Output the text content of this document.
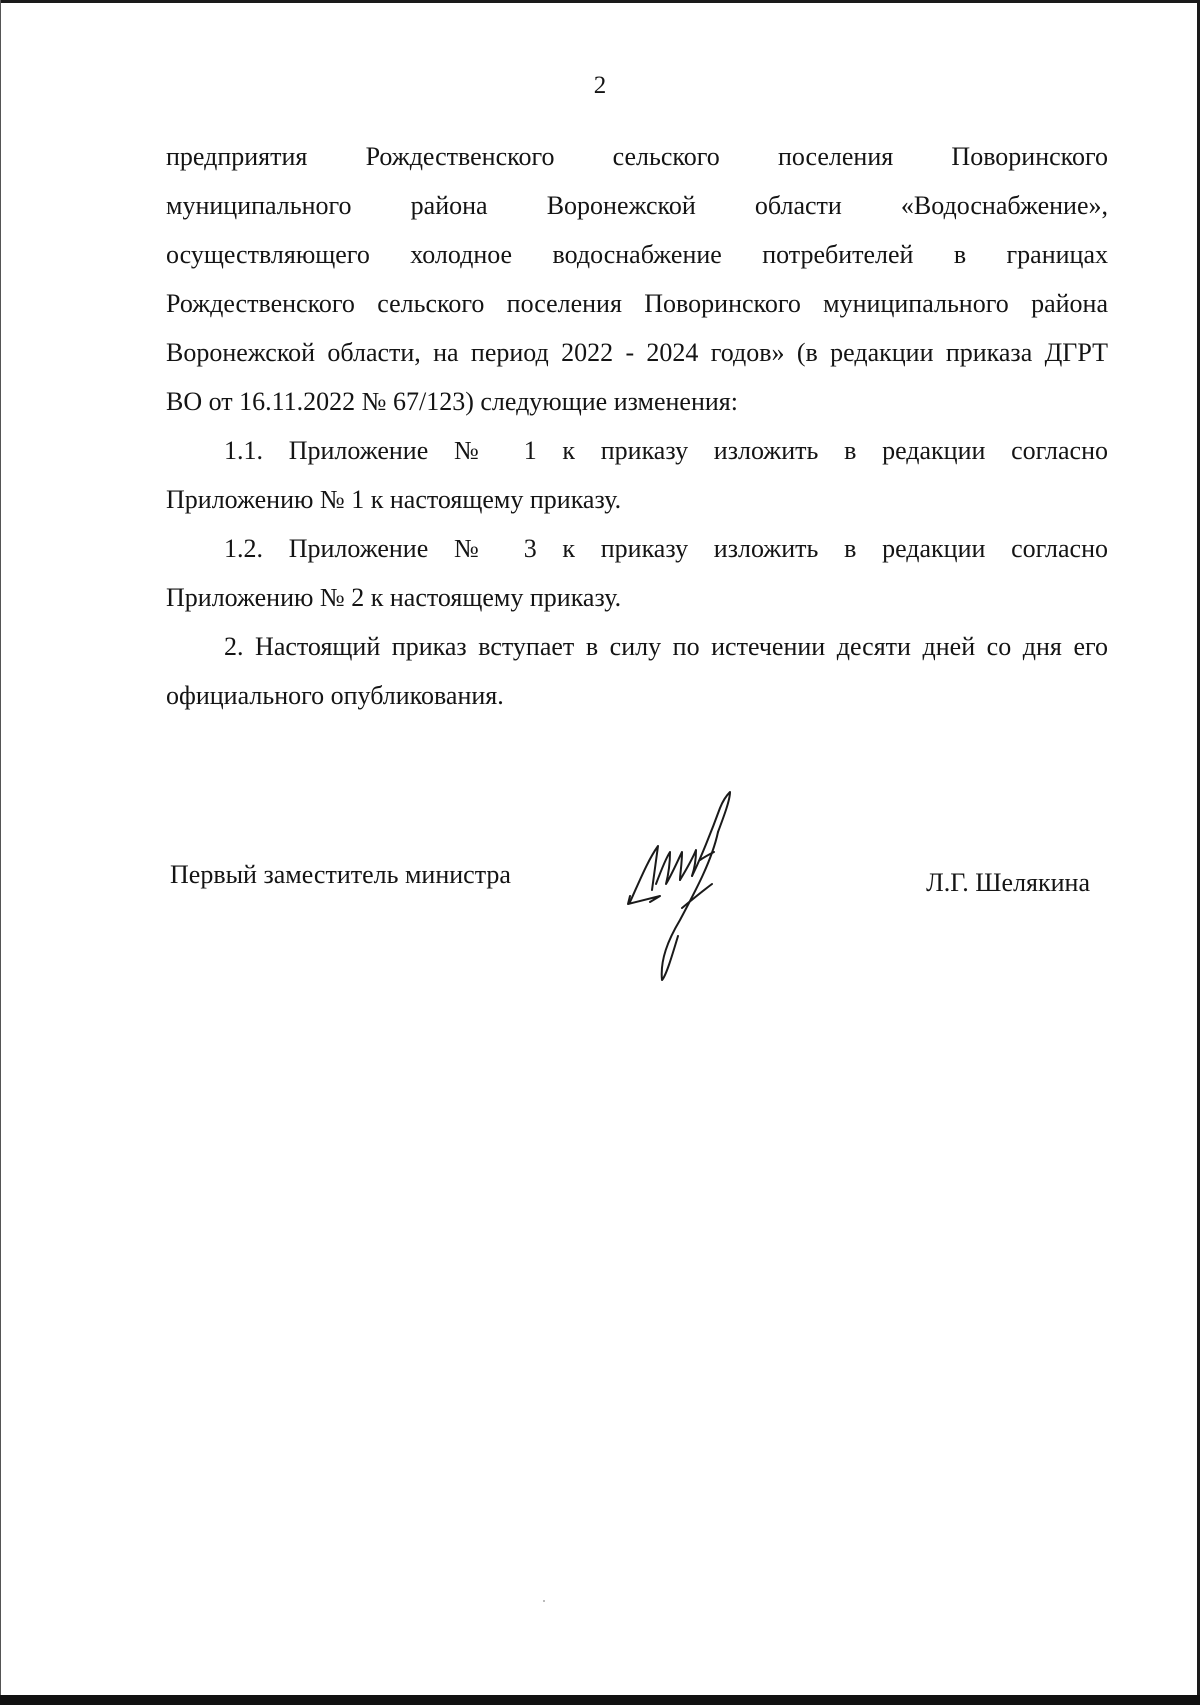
2

предприятия Рождественского сельского поселения Поворинского
муниципального района Воронежской области «Водоснабжение»,
осуществляющего холодное водоснабжение потребителей в границах
Рождественского сельского поселения Поворинского муниципального района
Воронежской области, на период 2022 - 2024 годов» (в редакции приказа ДГРТ
ВО от 16.11.2022 № 67/123) следующие изменения:

1.1. Приложение № 1 к приказу изложить в редакции согласно
Приложению № 1 к настоящему приказу.

1.2. Приложение № 3 к приказу изложить в редакции согласно
Приложению № 2 к настоящему приказу.

2. Настоящий приказ вступает в силу по истечении десяти дней со дня его
официального опубликования.

Первый заместитель министра	Л.Г. Шелякина
